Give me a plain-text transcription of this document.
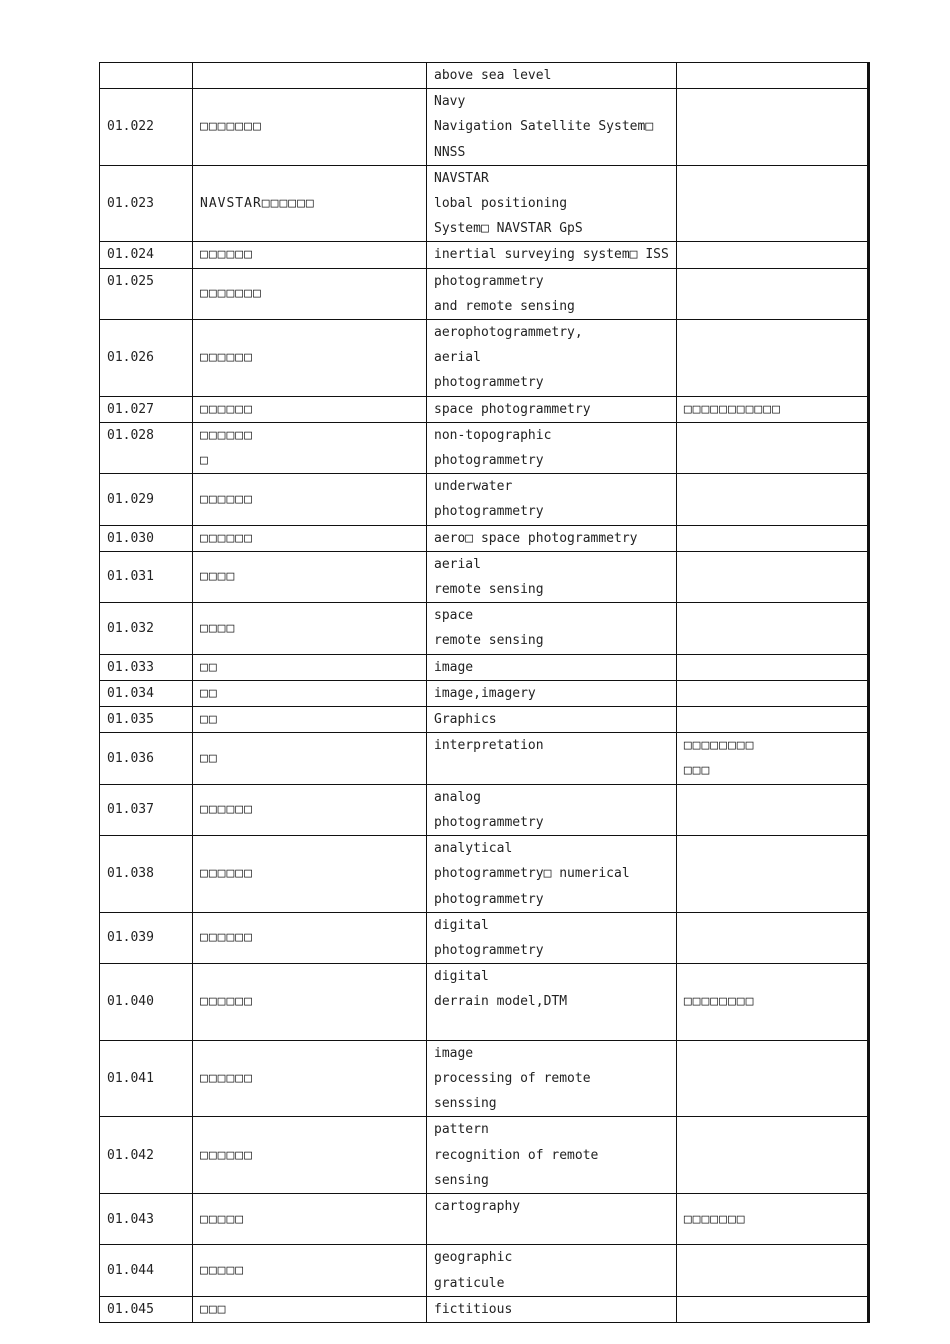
		above sea level	

01.022	□□□□□□□	Navy
Navigation Satellite System□
NNSS	

01.023	NAVSTAR□□□□□□	NAVSTAR
lobal positioning
System□ NAVSTAR GpS	

01.024	□□□□□□	inertial surveying system□ ISS	

01.025	□□□□□□□	photogrammetry
and remote sensing	

01.026	□□□□□□	aerophotogrammetry,
aerial
photogrammetry	

01.027	□□□□□□	space photogrammetry	□□□□□□□□□□□

01.028	□□□□□□
□	non-topographic
photogrammetry	

01.029	□□□□□□	underwater
photogrammetry	

01.030	□□□□□□	aero□ space photogrammetry	

01.031	□□□□	aerial
remote sensing	

01.032	□□□□	space
remote sensing	

01.033	□□	image	

01.034	□□	image,imagery	

01.035	□□	Graphics	

01.036	□□	interpretation	□□□□□□□□
□□□

01.037	□□□□□□	analog
photogrammetry	

01.038	□□□□□□	analytical
photogrammetry□ numerical
photogrammetry	

01.039	□□□□□□	digital
photogrammetry	

01.040	□□□□□□	digital
derrain model,DTM	□□□□□□□□

01.041	□□□□□□	image
processing of remote
senssing	

01.042	□□□□□□	pattern
recognition of remote
sensing	

01.043	□□□□□	cartography	□□□□□□□

01.044	□□□□□	geographic
graticule	

01.045	□□□	fictitious	
